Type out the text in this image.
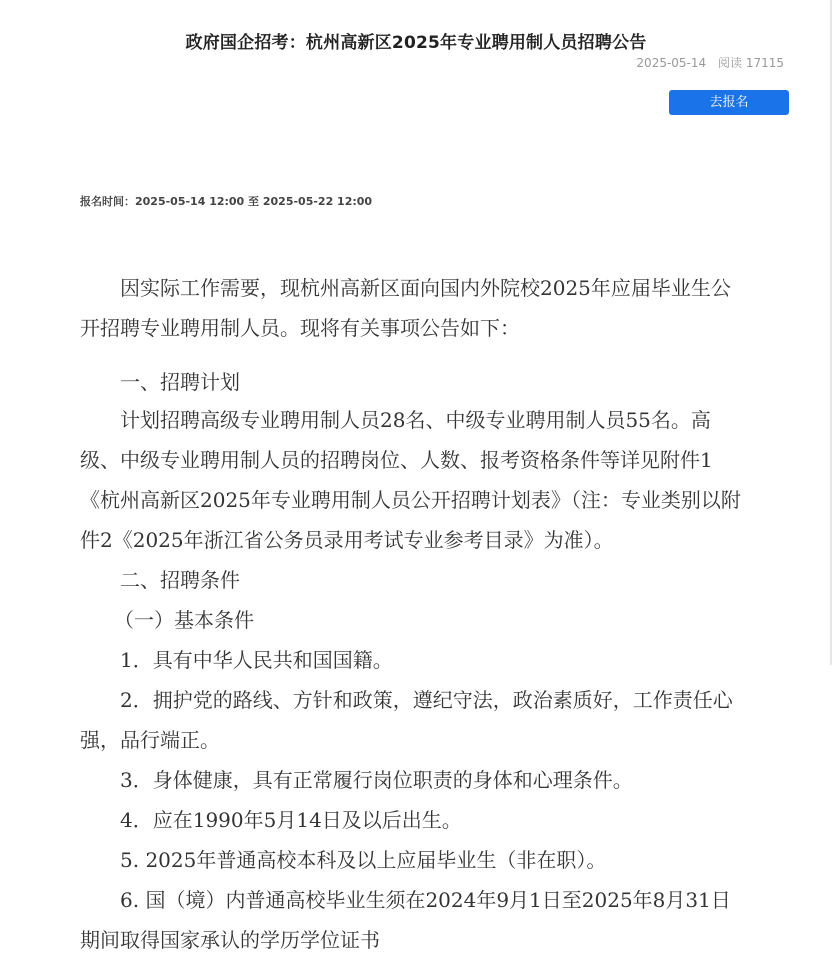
政府国企招考：杭州高新区2025年专业聘用制人员招聘公告
2025-05-14 阅读 17115
去报名
报名时间：2025-05-14 12:00 至 2025-05-22 12:00

因实际工作需要，现杭州高新区面向国内外院校2025年应届毕业生公开招聘专业聘用制人员。现将有关事项公告如下：

一、招聘计划

计划招聘高级专业聘用制人员28名、中级专业聘用制人员55名。高级、中级专业聘用制人员的招聘岗位、人数、报考资格条件等详见附件1《杭州高新区2025年专业聘用制人员公开招聘计划表》（注：专业类别以附件2《2025年浙江省公务员录用考试专业参考目录》为准）。

二、招聘条件

（一）基本条件

1．具有中华人民共和国国籍。

2．拥护党的路线、方针和政策，遵纪守法，政治素质好，工作责任心强，品行端正。

3．身体健康，具有正常履行岗位职责的身体和心理条件。

4．应在1990年5月14日及以后出生。

5. 2025年普通高校本科及以上应届毕业生（非在职）。

6. 国（境）内普通高校毕业生须在2024年9月1日至2025年8月31日期间取得国家承认的学历学位证书
